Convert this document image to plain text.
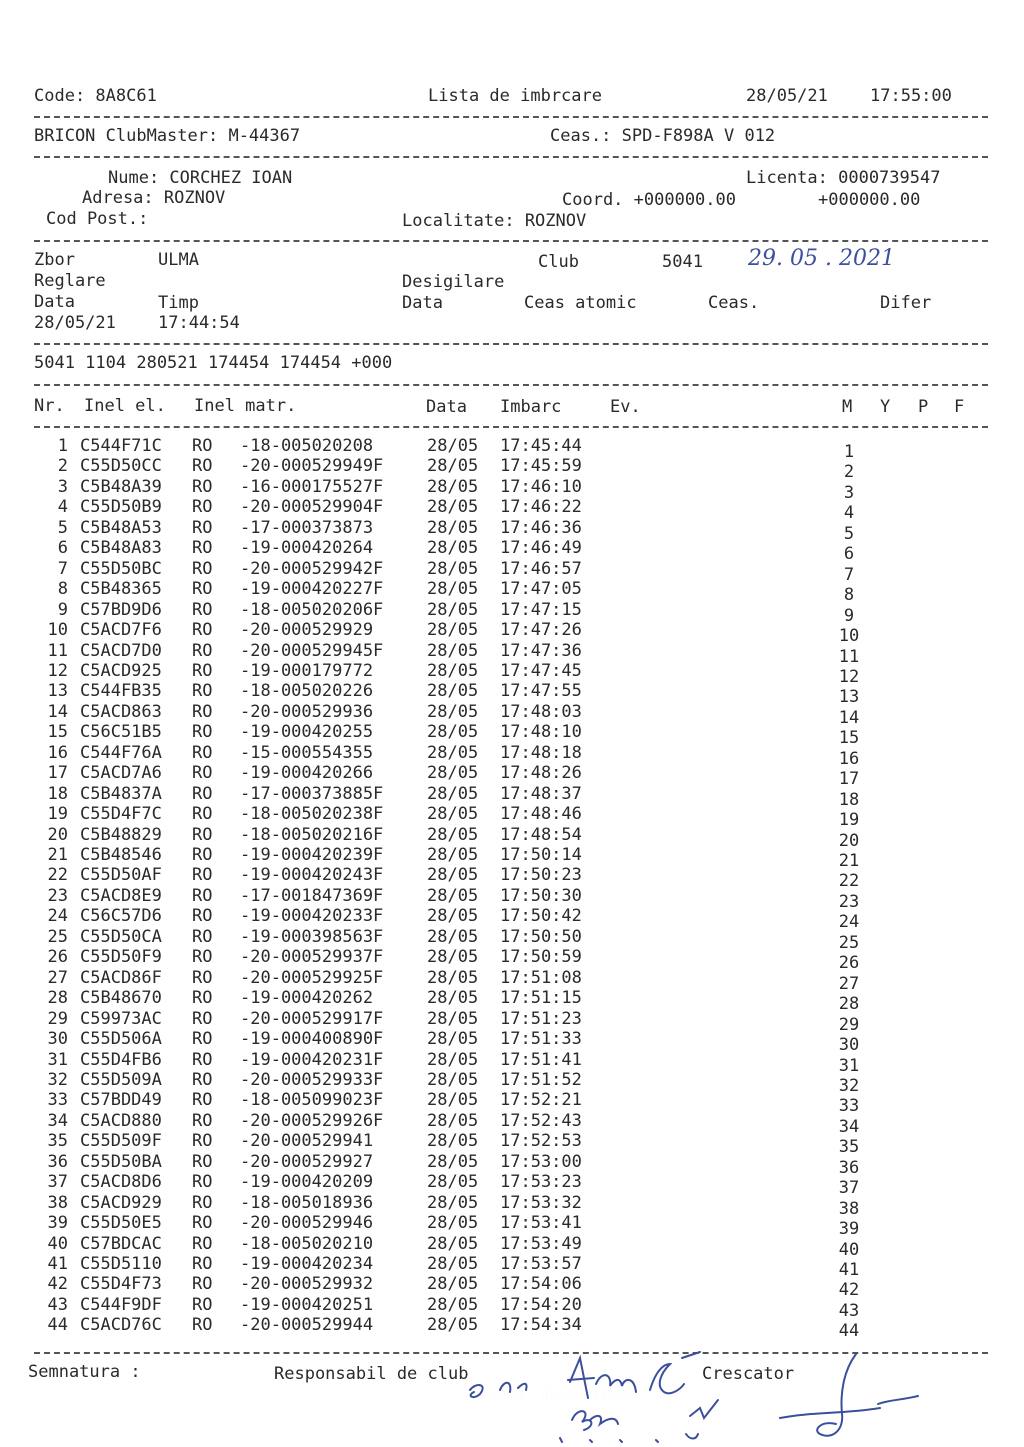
Code: 8A8C61	Lista de imbrcare	28/05/21 17:55:00
BRICON ClubMaster: M-44367	Ceas.: SPD-F898A V 012
Nume: CORCHEZ IOAN	Licenta: 0000739547
Adresa: ROZNOV	Coord. +000000.00	+000000.00
Cod Post.:	Localitate: ROZNOV
Zbor	ULMA	Club	5041 29. 05 . 2021
Reglare	Desigilare
Data	Timp	Data	Ceas atomic	Ceas.	Difer
28/05/21 17:44:54
5041 1104 280521 174454 174454 +000
Nr. Inel el. Inel matr.	Data Imbarc	Ev.	M Y P F
1 C544F71C RO -18-005020208	28/05 17:45:44	1
2 C55D50CC RO -20-000529949F	28/05 17:45:59	2
3 C5B48A39 RO -16-000175527F	28/05 17:46:10	3
4 C55D50B9 RO -20-000529904F	28/05 17:46:22	4
5 C5B48A53 RO -17-000373873	28/05 17:46:36	5
6 C5B48A83 RO -19-000420264	28/05 17:46:49	6
7 C55D50BC RO -20-000529942F	28/05 17:46:57	7
8 C5B48365 RO -19-000420227F	28/05 17:47:05	8
9 C57BD9D6 RO -18-005020206F	28/05 17:47:15	9
10 C5ACD7F6 RO -20-000529929	28/05 17:47:26	10
11 C5ACD7D0 RO -20-000529945F	28/05 17:47:36	11
12 C5ACD925 RO -19-000179772	28/05 17:47:45	12
13 C544FB35 RO -18-005020226	28/05 17:47:55	13
14 C5ACD863 RO -20-000529936	28/05 17:48:03	14
15 C56C51B5 RO -19-000420255	28/05 17:48:10	15
16 C544F76A RO -15-000554355	28/05 17:48:18	16
17 C5ACD7A6 RO -19-000420266	28/05 17:48:26	17
18 C5B4837A RO -17-000373885F	28/05 17:48:37	18
19 C55D4F7C RO -18-005020238F	28/05 17:48:46	19
20 C5B48829 RO -18-005020216F	28/05 17:48:54	20
21 C5B48546 RO -19-000420239F	28/05 17:50:14	21
22 C55D50AF RO -19-000420243F	28/05 17:50:23	22
23 C5ACD8E9 RO -17-001847369F	28/05 17:50:30	23
24 C56C57D6 RO -19-000420233F	28/05 17:50:42	24
25 C55D50CA RO -19-000398563F	28/05 17:50:50	25
26 C55D50F9 RO -20-000529937F	28/05 17:50:59	26
27 C5ACD86F RO -20-000529925F	28/05 17:51:08	27
28 C5B48670 RO -19-000420262	28/05 17:51:15	28
29 C59973AC RO -20-000529917F	28/05 17:51:23	29
30 C55D506A RO -19-000400890F	28/05 17:51:33	30
31 C55D4FB6 RO -19-000420231F	28/05 17:51:41	31
32 C55D509A RO -20-000529933F	28/05 17:51:52	32
33 C57BDD49 RO -18-005099023F	28/05 17:52:21	33
34 C5ACD880 RO -20-000529926F	28/05 17:52:43	34
35 C55D509F RO -20-000529941	28/05 17:52:53	35
36 C55D50BA RO -20-000529927	28/05 17:53:00	36
37 C5ACD8D6 RO -19-000420209	28/05 17:53:23	37
38 C5ACD929 RO -18-005018936	28/05 17:53:32	38
39 C55D50E5 RO -20-000529946	28/05 17:53:41	39
40 C57BDCAC RO -18-005020210	28/05 17:53:49	40
41 C55D5110 RO -19-000420234	28/05 17:53:57	41
42 C55D4F73 RO -20-000529932	28/05 17:54:06	42
43 C544F9DF RO -19-000420251	28/05 17:54:20	43
44 C5ACD76C RO -20-000529944	28/05 17:54:34	44
Semnatura :	Responsabil de club	Crescator
